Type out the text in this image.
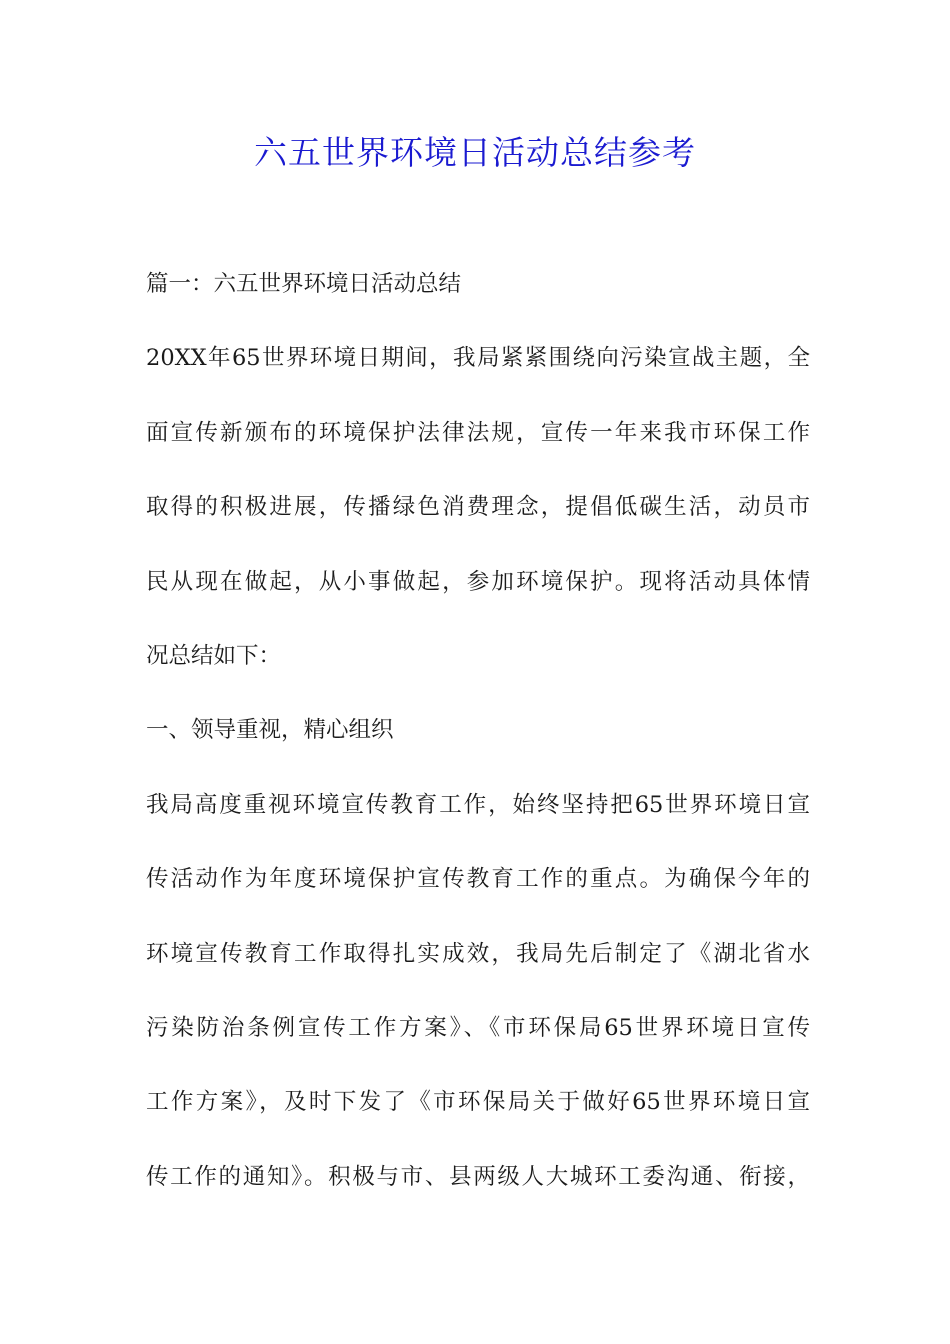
六五世界环境日活动总结参考
篇一：六五世界环境日活动总结
20XX年65世界环境日期间，我局紧紧围绕向污染宣战主题，全
面宣传新颁布的环境保护法律法规，宣传一年来我市环保工作
取得的积极进展，传播绿色消费理念，提倡低碳生活，动员市
民从现在做起，从小事做起，参加环境保护。现将活动具体情
况总结如下：
一、领导重视，精心组织
我局高度重视环境宣传教育工作，始终坚持把65世界环境日宣
传活动作为年度环境保护宣传教育工作的重点。为确保今年的
环境宣传教育工作取得扎实成效，我局先后制定了《湖北省水
污染防治条例宣传工作方案》、《市环保局65世界环境日宣传
工作方案》，及时下发了《市环保局关于做好65世界环境日宣
传工作的通知》。积极与市、县两级人大城环工委沟通、衔接，
